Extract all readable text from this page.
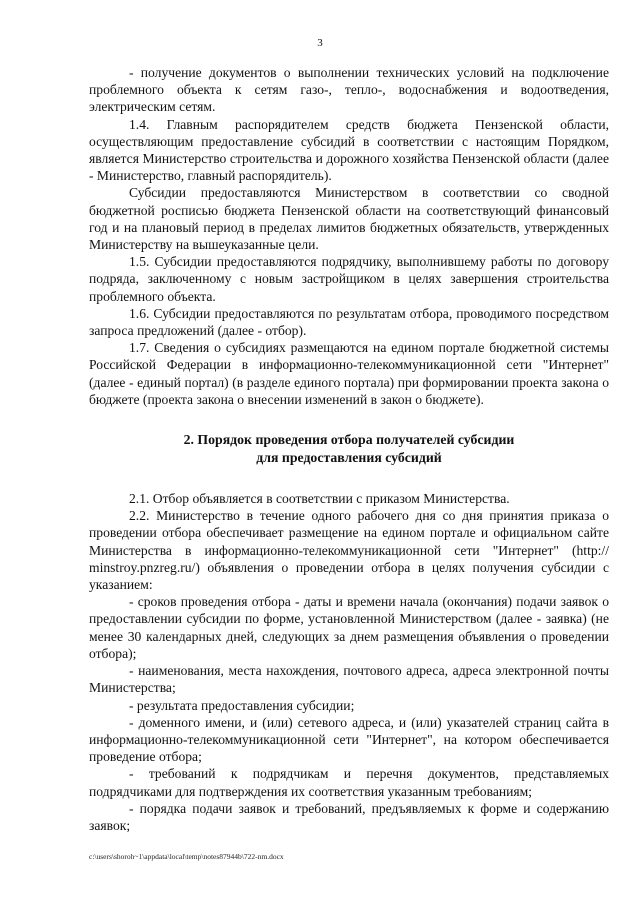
3

- получение документов о выполнении технических условий на подключение проблемного объекта к сетям газо-, тепло-, водоснабжения и водоотведения, электрическим сетям.

1.4. Главным распорядителем средств бюджета Пензенской области, осуществляющим предоставление субсидий в соответствии с настоящим Порядком, является Министерство строительства и дорожного хозяйства Пензенской области (далее - Министерство, главный распорядитель).

Субсидии предоставляются Министерством в соответствии со сводной бюджетной росписью бюджета Пензенской области на соответствующий финансовый год и на плановый период в пределах лимитов бюджетных обязательств, утвержденных Министерству на вышеуказанные цели.

1.5. Субсидии предоставляются подрядчику, выполнившему работы по договору подряда, заключенному с новым застройщиком в целях завершения строительства проблемного объекта.

1.6. Субсидии предоставляются по результатам отбора, проводимого посредством запроса предложений (далее - отбор).

1.7. Сведения о субсидиях размещаются на едином портале бюджетной системы Российской Федерации в информационно-телекоммуникационной сети "Интернет" (далее - единый портал) (в разделе единого портала) при формировании проекта закона о бюджете (проекта закона о внесении изменений в закон о бюджете).

2. Порядок проведения отбора получателей субсидии
для предоставления субсидий

2.1. Отбор объявляется в соответствии с приказом Министерства.

2.2. Министерство в течение одного рабочего дня со дня принятия приказа о проведении отбора обеспечивает размещение на едином портале и официальном сайте Министерства в информационно-телекоммуникационной сети "Интернет" (http:// minstroy.pnzreg.ru/) объявления о проведении отбора в целях получения субсидии с указанием:

- сроков проведения отбора - даты и времени начала (окончания) подачи заявок о предоставлении субсидии по форме, установленной Министерством (далее - заявка) (не менее 30 календарных дней, следующих за днем размещения объявления о проведении отбора);

- наименования, места нахождения, почтового адреса, адреса электронной почты Министерства;

- результата предоставления субсидии;

- доменного имени, и (или) сетевого адреса, и (или) указателей страниц сайта в информационно-телекоммуникационной сети "Интернет", на котором обеспечивается проведение отбора;

- требований к подрядчикам и перечня документов, представляемых подрядчиками для подтверждения их соответствия указанным требованиям;

- порядка подачи заявок и требований, предъявляемых к форме и содержанию заявок;

c:\users\shoroh~1\appdata\local\temp\notes87944b\722-nm.docx
